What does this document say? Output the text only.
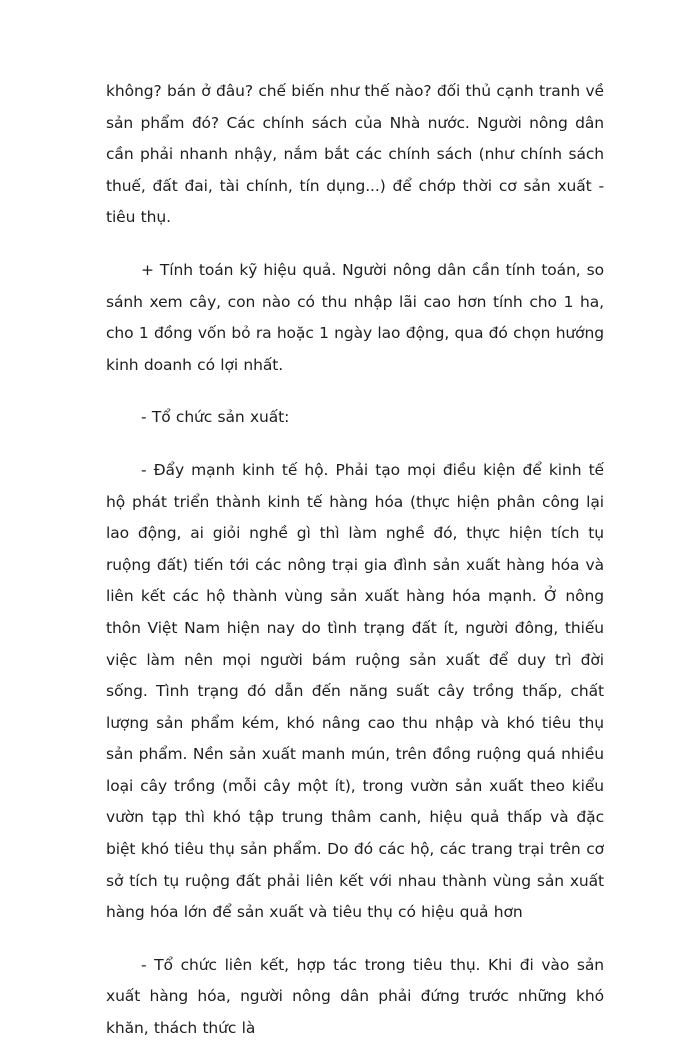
không? bán ở đâu? chế biến như thế nào? đối thủ cạnh tranh về sản phẩm đó? Các chính sách của Nhà nước. Người nông dân cần phải nhanh nhậy, nắm bắt các chính sách (như chính sách thuế, đất đai, tài chính, tín dụng...) để chớp thời cơ sản xuất - tiêu thụ.

+ Tính toán kỹ hiệu quả. Người nông dân cần tính toán, so sánh xem cây, con nào có thu nhập lãi cao hơn tính cho 1 ha, cho 1 đồng vốn bỏ ra hoặc 1 ngày lao động, qua đó chọn hướng kinh doanh có lợi nhất.

- Tổ chức sản xuất:

- Đẩy mạnh kinh tế hộ. Phải tạo mọi điều kiện để kinh tế hộ phát triển thành kinh tế hàng hóa (thực hiện phân công lại lao động, ai giỏi nghề gì thì làm nghề đó, thực hiện tích tụ ruộng đất) tiến tới các nông trại gia đình sản xuất hàng hóa và liên kết các hộ thành vùng sản xuất hàng hóa mạnh. Ở nông thôn Việt Nam hiện nay do tình trạng đất ít, người đông, thiếu việc làm nên mọi người bám ruộng sản xuất để duy trì đời sống. Tình trạng đó dẫn đến năng suất cây trồng thấp, chất lượng sản phẩm kém, khó nâng cao thu nhập và khó tiêu thụ sản phẩm. Nền sản xuất manh mún, trên đồng ruộng quá nhiều loại cây trồng (mỗi cây một ít), trong vườn sản xuất theo kiểu vườn tạp thì khó tập trung thâm canh, hiệu quả thấp và đặc biệt khó tiêu thụ sản phẩm. Do đó các hộ, các trang trại trên cơ sở tích tụ ruộng đất phải liên kết với nhau thành vùng sản xuất hàng hóa lớn để sản xuất và tiêu thụ có hiệu quả hơn

- Tổ chức liên kết, hợp tác trong tiêu thụ. Khi đi vào sản xuất hàng hóa, người nông dân phải đứng trước những khó khăn, thách thức là
